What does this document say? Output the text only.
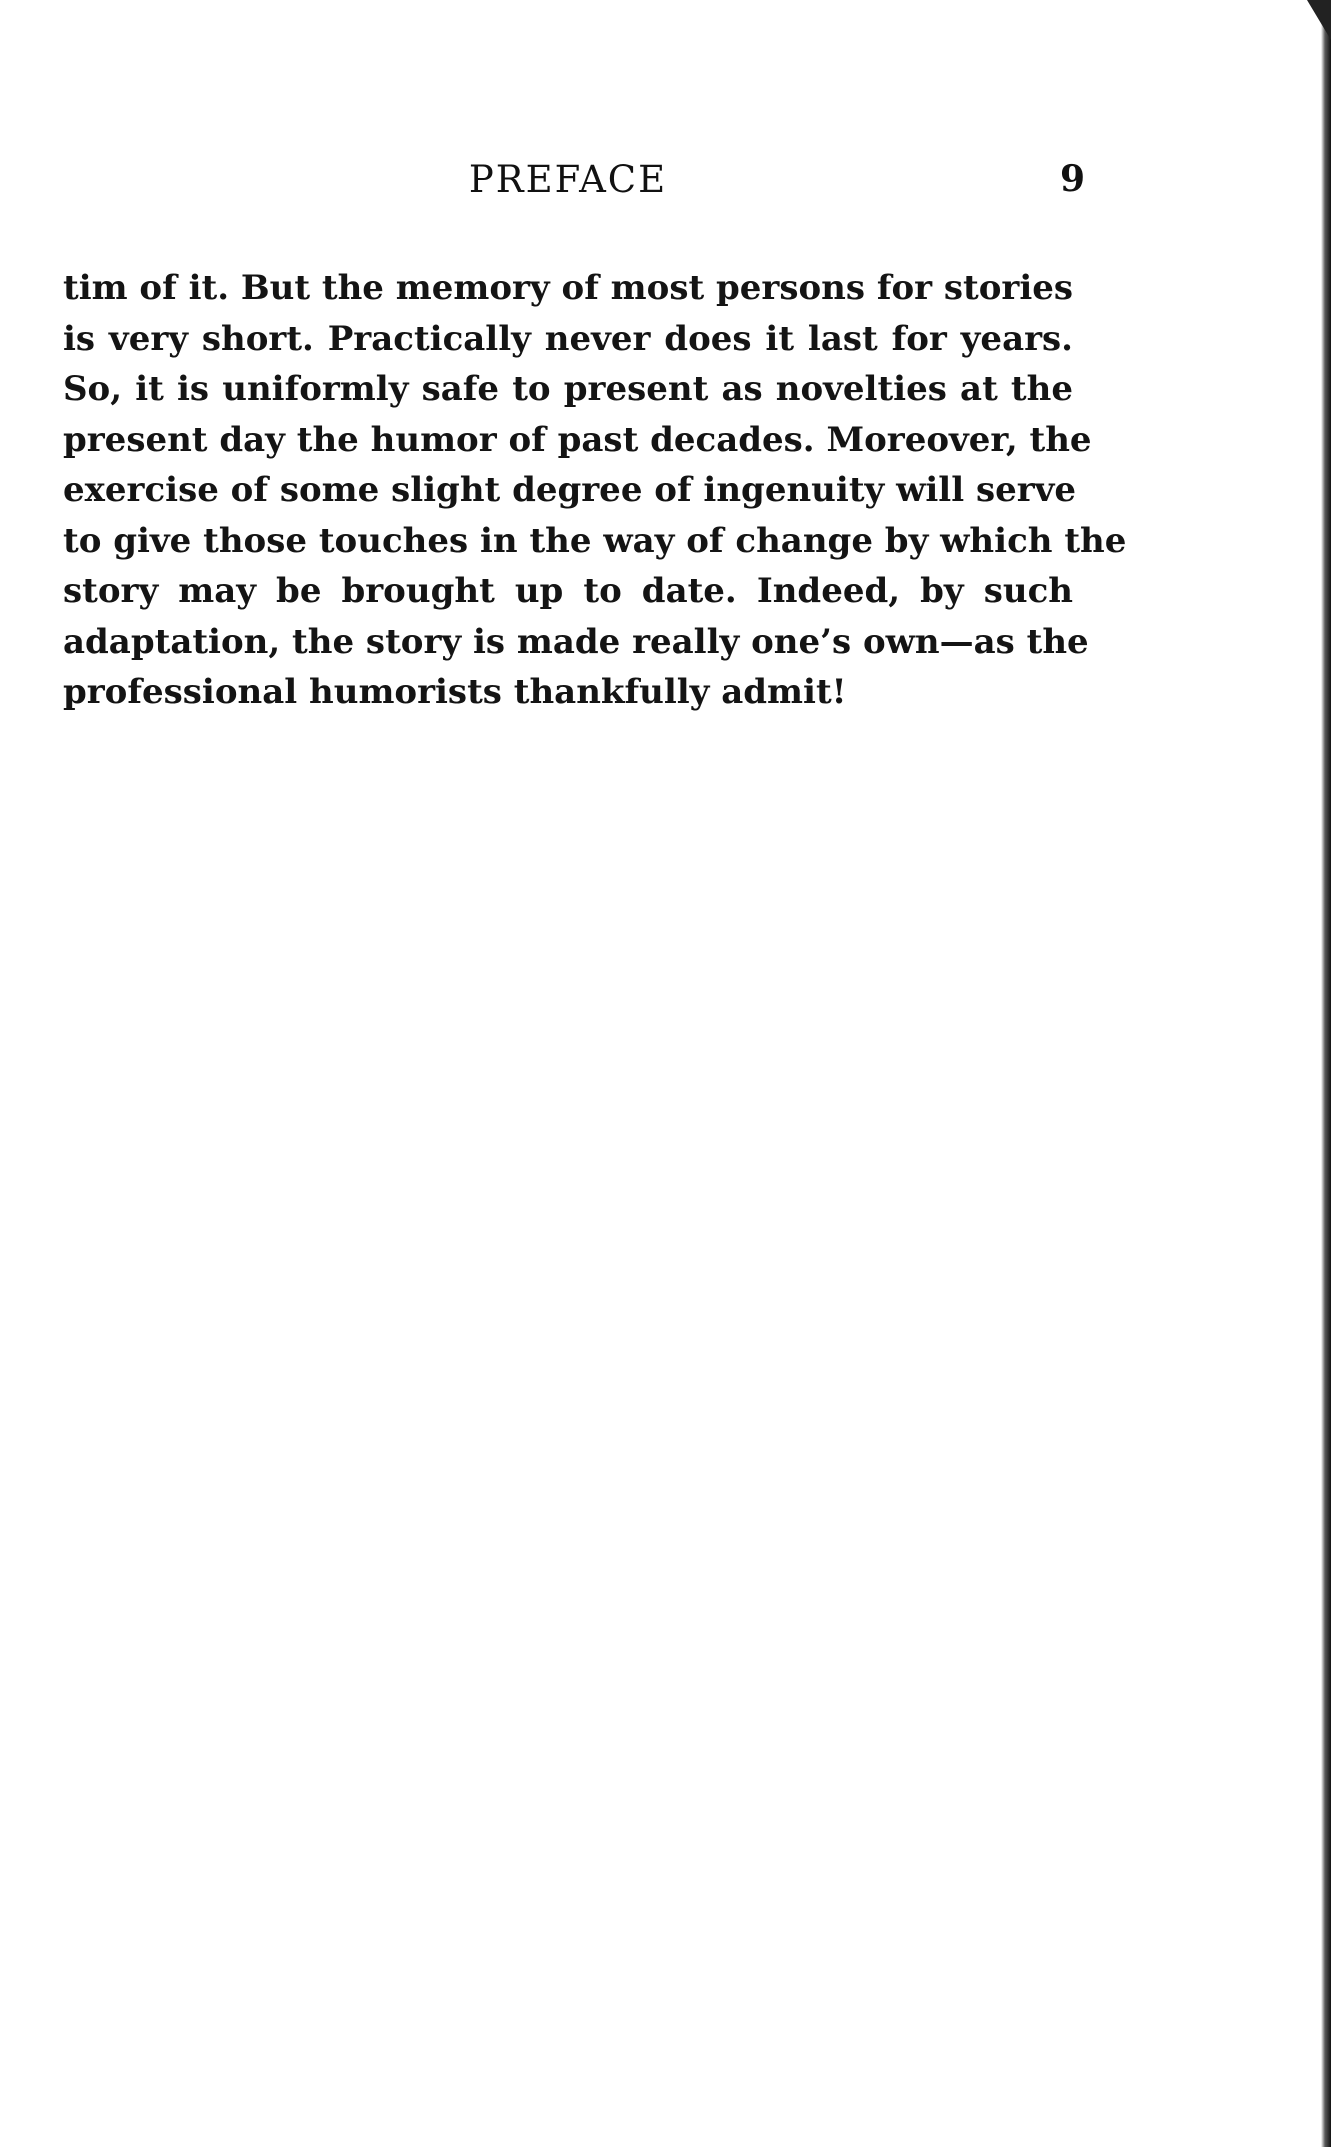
PREFACE	9
tim of it. But the memory of most persons for stories
is very short. Practically never does it last for years.
So, it is uniformly safe to present as novelties at the
present day the humor of past decades. Moreover, the
exercise of some slight degree of ingenuity will serve
to give those touches in the way of change by which the
story may be brought up to date. Indeed, by such
adaptation, the story is made really one’s own—as the
professional humorists thankfully admit!
